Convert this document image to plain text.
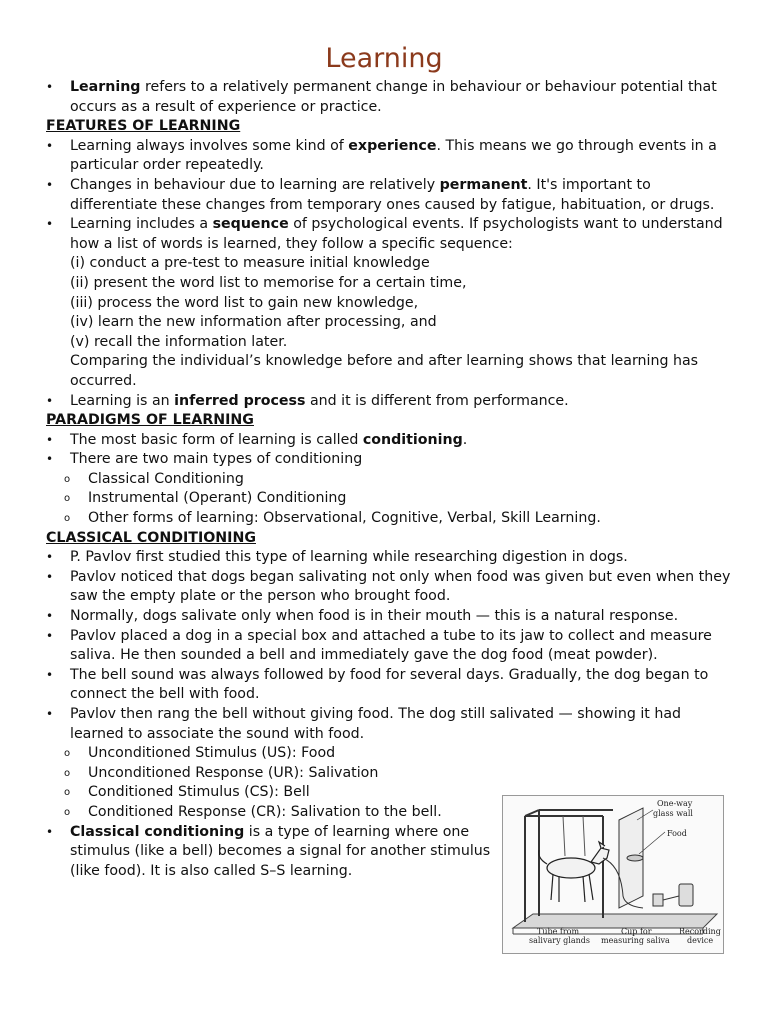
Learning

• Learning refers to a relatively permanent change in behaviour or behaviour potential that occurs as a result of experience or practice.

FEATURES OF LEARNING

• Learning always involves some kind of experience. This means we go through events in a particular order repeatedly.

• Changes in behaviour due to learning are relatively permanent. It's important to differentiate these changes from temporary ones caused by fatigue, habituation, or drugs.

• Learning includes a sequence of psychological events. If psychologists want to understand how a list of words is learned, they follow a specific sequence:

(i) conduct a pre-test to measure initial knowledge

(ii) present the word list to memorise for a certain time,

(iii) process the word list to gain new knowledge,

(iv) learn the new information after processing, and

(v) recall the information later.

Comparing the individual’s knowledge before and after learning shows that learning has occurred.

• Learning is an inferred process and it is different from performance.

PARADIGMS OF LEARNING

• The most basic form of learning is called conditioning.

• There are two main types of conditioning

o Classical Conditioning

o Instrumental (Operant) Conditioning

o Other forms of learning: Observational, Cognitive, Verbal, Skill Learning.

CLASSICAL CONDITIONING

• P. Pavlov first studied this type of learning while researching digestion in dogs.

• Pavlov noticed that dogs began salivating not only when food was given but even when they saw the empty plate or the person who brought food.

• Normally, dogs salivate only when food is in their mouth — this is a natural response.

• Pavlov placed a dog in a special box and attached a tube to its jaw to collect and measure saliva. He then sounded a bell and immediately gave the dog food (meat powder).

• The bell sound was always followed by food for several days. Gradually, the dog began to connect the bell with food.

• Pavlov then rang the bell without giving food. The dog still salivated — showing it had learned to associate the sound with food.

o Unconditioned Stimulus (US): Food

o Unconditioned Response (UR): Salivation

o Conditioned Stimulus (CS): Bell

o Conditioned Response (CR): Salivation to the bell.

• Classical conditioning is a type of learning where one stimulus (like a bell) becomes a signal for another stimulus (like food). It is also called S–S learning.

One-way
glass wall
Food
Tube from
salivary glands
Cup for
measuring saliva
Recording
device
